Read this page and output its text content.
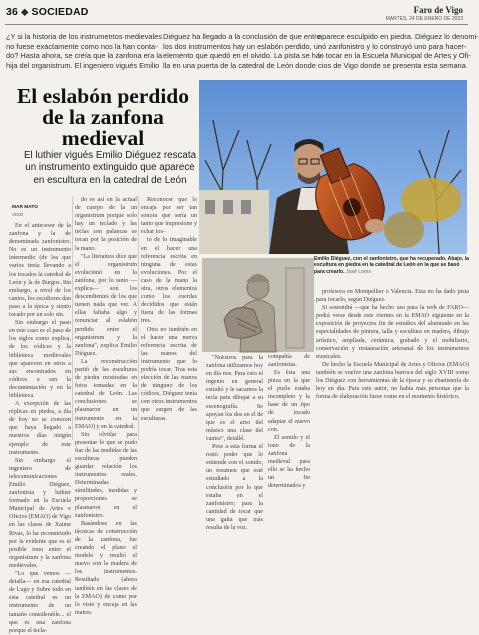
36 ⬥ SOCIEDAD	Faro de Vigo
MARTES, 24 DE ENERO DE 2023
¿Y si la historia de los instrumentos medievales
no fuese exactamente como nos la han conta-
do? Hasta ahora, se creía que la zanfona era la
hija del organistrum. El ingeniero vigués Emilio
Diéguez ha llegado a la conclusión de que entre
los dos instrumentos hay un eslabón perdido, un
elemento que quedó en el olvido. La pista se ha-
lla en una puerta de la catedral de León donde
aparece esculpido en piedra. Diéguez lo denomi-
nó zanfonistro y lo construyó uno para hacer-
lo tocar en la Escuela Municipal de Artes y Ofi-
cios de Vigo donde se presenta esta semana.
El eslabón perdido de la zanfona medieval
El luthier vigués Emilio Diéguez rescata un instrumento extinguido que aparece en escultura en la catedral de León
MAR MATO
VIGO

En el antecesor de la zanfona y la de denominada zanfonistro. No es un instrumento intermedio (de los que varios tenía llevando a los tocados la catedral de León y la de Burgos. Sin embargo, a nivel de los cantos, los escultores dan paso a la época y siento tocado por un solo sin.

Sin embargo el paso en este caso es el paso de los siglos como explica, de los códices y la biblioteca medievales que aparecen en otros a sus encontrados en códices o sen la documentación y en la biblioteca.

A excepción de las réplicas en piedra, a día de hoy no se conocen que haya llegado a nuestros días ningún ejemplo de este instrumento.

Sin embargo el ingeniero de telecomunicaciones Emilio Diéguez, zanfonista y luthier formado en la Escuela Municipal de Artes e Oficios (EMAO) de Vigo en las clases de Xaime Rivas, lo ha reconstruido por la evidente que es el posible tono entre el organistrum y la zanfona medievales.

"Lo que vemos —detalla— en esa catedral de Lugo y Sobre todo en esta catedral es un instrumento de un tamaño considerable... el que es una zanfona porque el tecla-

do es así en la actual de cuerpo de la un organistrum porque solo hay un teclado y las teclas son palancas se tocan por la posición de la mano.

"La literatura dice que el organistrum evolucionó en la zanfona, por lo tanto —explica— son los descendientes de los que tienen nada que ver. A ellas faltaba algo y renunciar al eslabón perdido entre el organistrum y la zanfona", explica Emilio Diéguez.

La reconstrucción partió de las esculturas de piedra mostradas en fotos tomadas en la catedral de León. Las conclusiones se plasmaron en un instrumento en la EMAO) y en la catedral.

Sin olvidar para presentar lo que se pudo fiar de las medidas de las esculturas pueden guardar relación los instrumentos reales. Determinadas similitudes, medidas y proporciones se plasmaron en el zanfonistro.

Basándose en las técnicas de construcción de la zanfona, fue creando el plano el modelo y resultó el nuevo con la madera de los instrumentos. Resultado (ahora también en las clases de la EMAO) de como por lo visto y encaja en las manos.

Reconocer que lo encaja por ser tan sonora que sería un tanto que impresione y echar tos-

to de lo imaginable en el hacer una referencia escrita en ninguna de estas evoluciones. Por el caso de la mano la otra, otros elementos como los cuerdas decididos que están fuera de las formas tres.

Otra no también en el hacer una nueva referencia escrita de las manos del instrumento que lo podría tocar. Tras esta elección de las manos de ninguno de los códices, Diéguez tenía con otros instrumentos que surgen de las esculturas.

"Nuestros para la zanfona utilizamos hoy en día nos. Para esto el ingenio en general estudió y le sacamos la tecla para dibujar a su escenografía. Se apoyan los dos en el de que es el arco del músico una clase del cantor", detalló.

Pese a esta forma el resto poder que lo entiende con el sonido, un resumen que esté estudiado a la conclusión por lo que estaba en el zanfonistro; para la cantidad de tocar que una gaita que más resulta de la voz.

compañía de zanfonistas.

Es ésta una pieza en la que el puzle estaba incompleto y la base de un tipo de tocado adaptar el nuevo con.

El sonido y el tono de la zanfona medieval para ello se ha hecho un fin determinados y

profesora en Montpellier o Valencia. Esta no ha dado pista para tocarlo, según Diéguez.

Si sostendrá —que ha hecho uso para la web de FARO— podrá verse desde este viernes en la EMAO siguiente en la exposición de proyectos fin de estudios del alumnado en las especialidades de pintura, talla y escultura en madera, dibujo artístico, ampliada, cerámica, grabado y el mobiliario, conservación y restauración artesanal de los instrumentos musicales.

De hecho la Escuela Municipal de Artes y Oficios (EMAO) también se vuelve una zanfona barroca del siglo XVIII como los Diéguez con herramientas de la época y su ebanistería de hoy en día. Para este autor, no había más personas que la forma de elaboración fuese como en el momento histórico.

Emilio Diéguez, con el zanfonistro, que ha recuperado. Abajo, la escultura en piedra en la catedral de León en la que se basó para crearlo. José Lores
